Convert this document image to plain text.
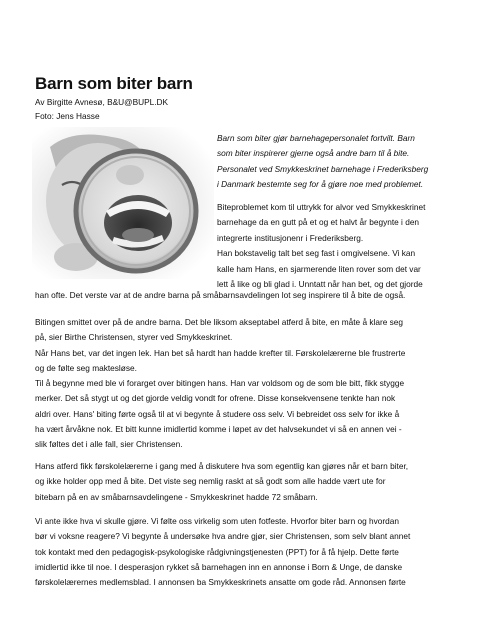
Barn som biter barn
Av Birgitte Avnesø, B&U@BUPL.DK
Foto: Jens Hasse

Barn som biter gjør barnehagepersonalet fortvilt. Barn
som biter inspirerer gjerne også andre barn til å bite.
Personalet ved Smykkeskrinet barnehage i Frederiksberg
i Danmark bestemte seg for å gjøre noe med problemet.

Biteproblemet kom til uttrykk for alvor ved Smykkeskrinet
barnehage da en gutt på et og et halvt år begynte i den
integrerte institusjonenr i Frederiksberg.
Han bokstavelig talt bet seg fast i omgivelsene. Vi kan
kalle ham Hans, en sjarmerende liten rover som det var
lett å like og bli glad i. Unntatt når han bet, og det gjorde

han ofte. Det verste var at de andre barna på småbarnsavdelingen lot seg inspirere til å bite de også.

Bitingen smittet over på de andre barna. Det ble liksom akseptabel atferd å bite, en måte å klare seg
på, sier Birthe Christensen, styrer ved Smykkeskrinet.
Når Hans bet, var det ingen lek. Han bet så hardt han hadde krefter til. Førskolelærerne ble frustrerte
og de følte seg maktesløse.

Til å begynne med ble vi forarget over bitingen hans. Han var voldsom og de som ble bitt, fikk stygge
merker. Det så stygt ut og det gjorde veldig vondt for ofrene. Disse konsekvensene tenkte han nok
aldri over. Hans' biting førte også til at vi begynte å studere oss selv. Vi bebreidet oss selv for ikke å
ha vært årvåkne nok. Et bitt kunne imidlertid komme i løpet av det halvsekundet vi så en annen vei -
slik føltes det i alle fall, sier Christensen.

Hans atferd fikk førskolelærerne i gang med å diskutere hva som egentlig kan gjøres når et barn biter,
og ikke holder opp med å bite. Det viste seg nemlig raskt at så godt som alle hadde vært ute for
bitebarn på en av småbarnsavdelingene - Smykkeskrinet hadde 72 småbarn.

Vi ante ikke hva vi skulle gjøre. Vi følte oss virkelig som uten fotfeste. Hvorfor biter barn og hvordan
bør vi voksne reagere? Vi begynte å undersøke hva andre gjør, sier Christensen, som selv blant annet
tok kontakt med den pedagogisk-psykologiske rådgivningstjenesten (PPT) for å få hjelp. Dette førte
imidlertid ikke til noe. I desperasjon rykket så barnehagen inn en annonse i Born & Unge, de danske
førskolelærernes medlemsblad. I annonsen ba Smykkeskrinets ansatte om gode råd. Annonsen førte
